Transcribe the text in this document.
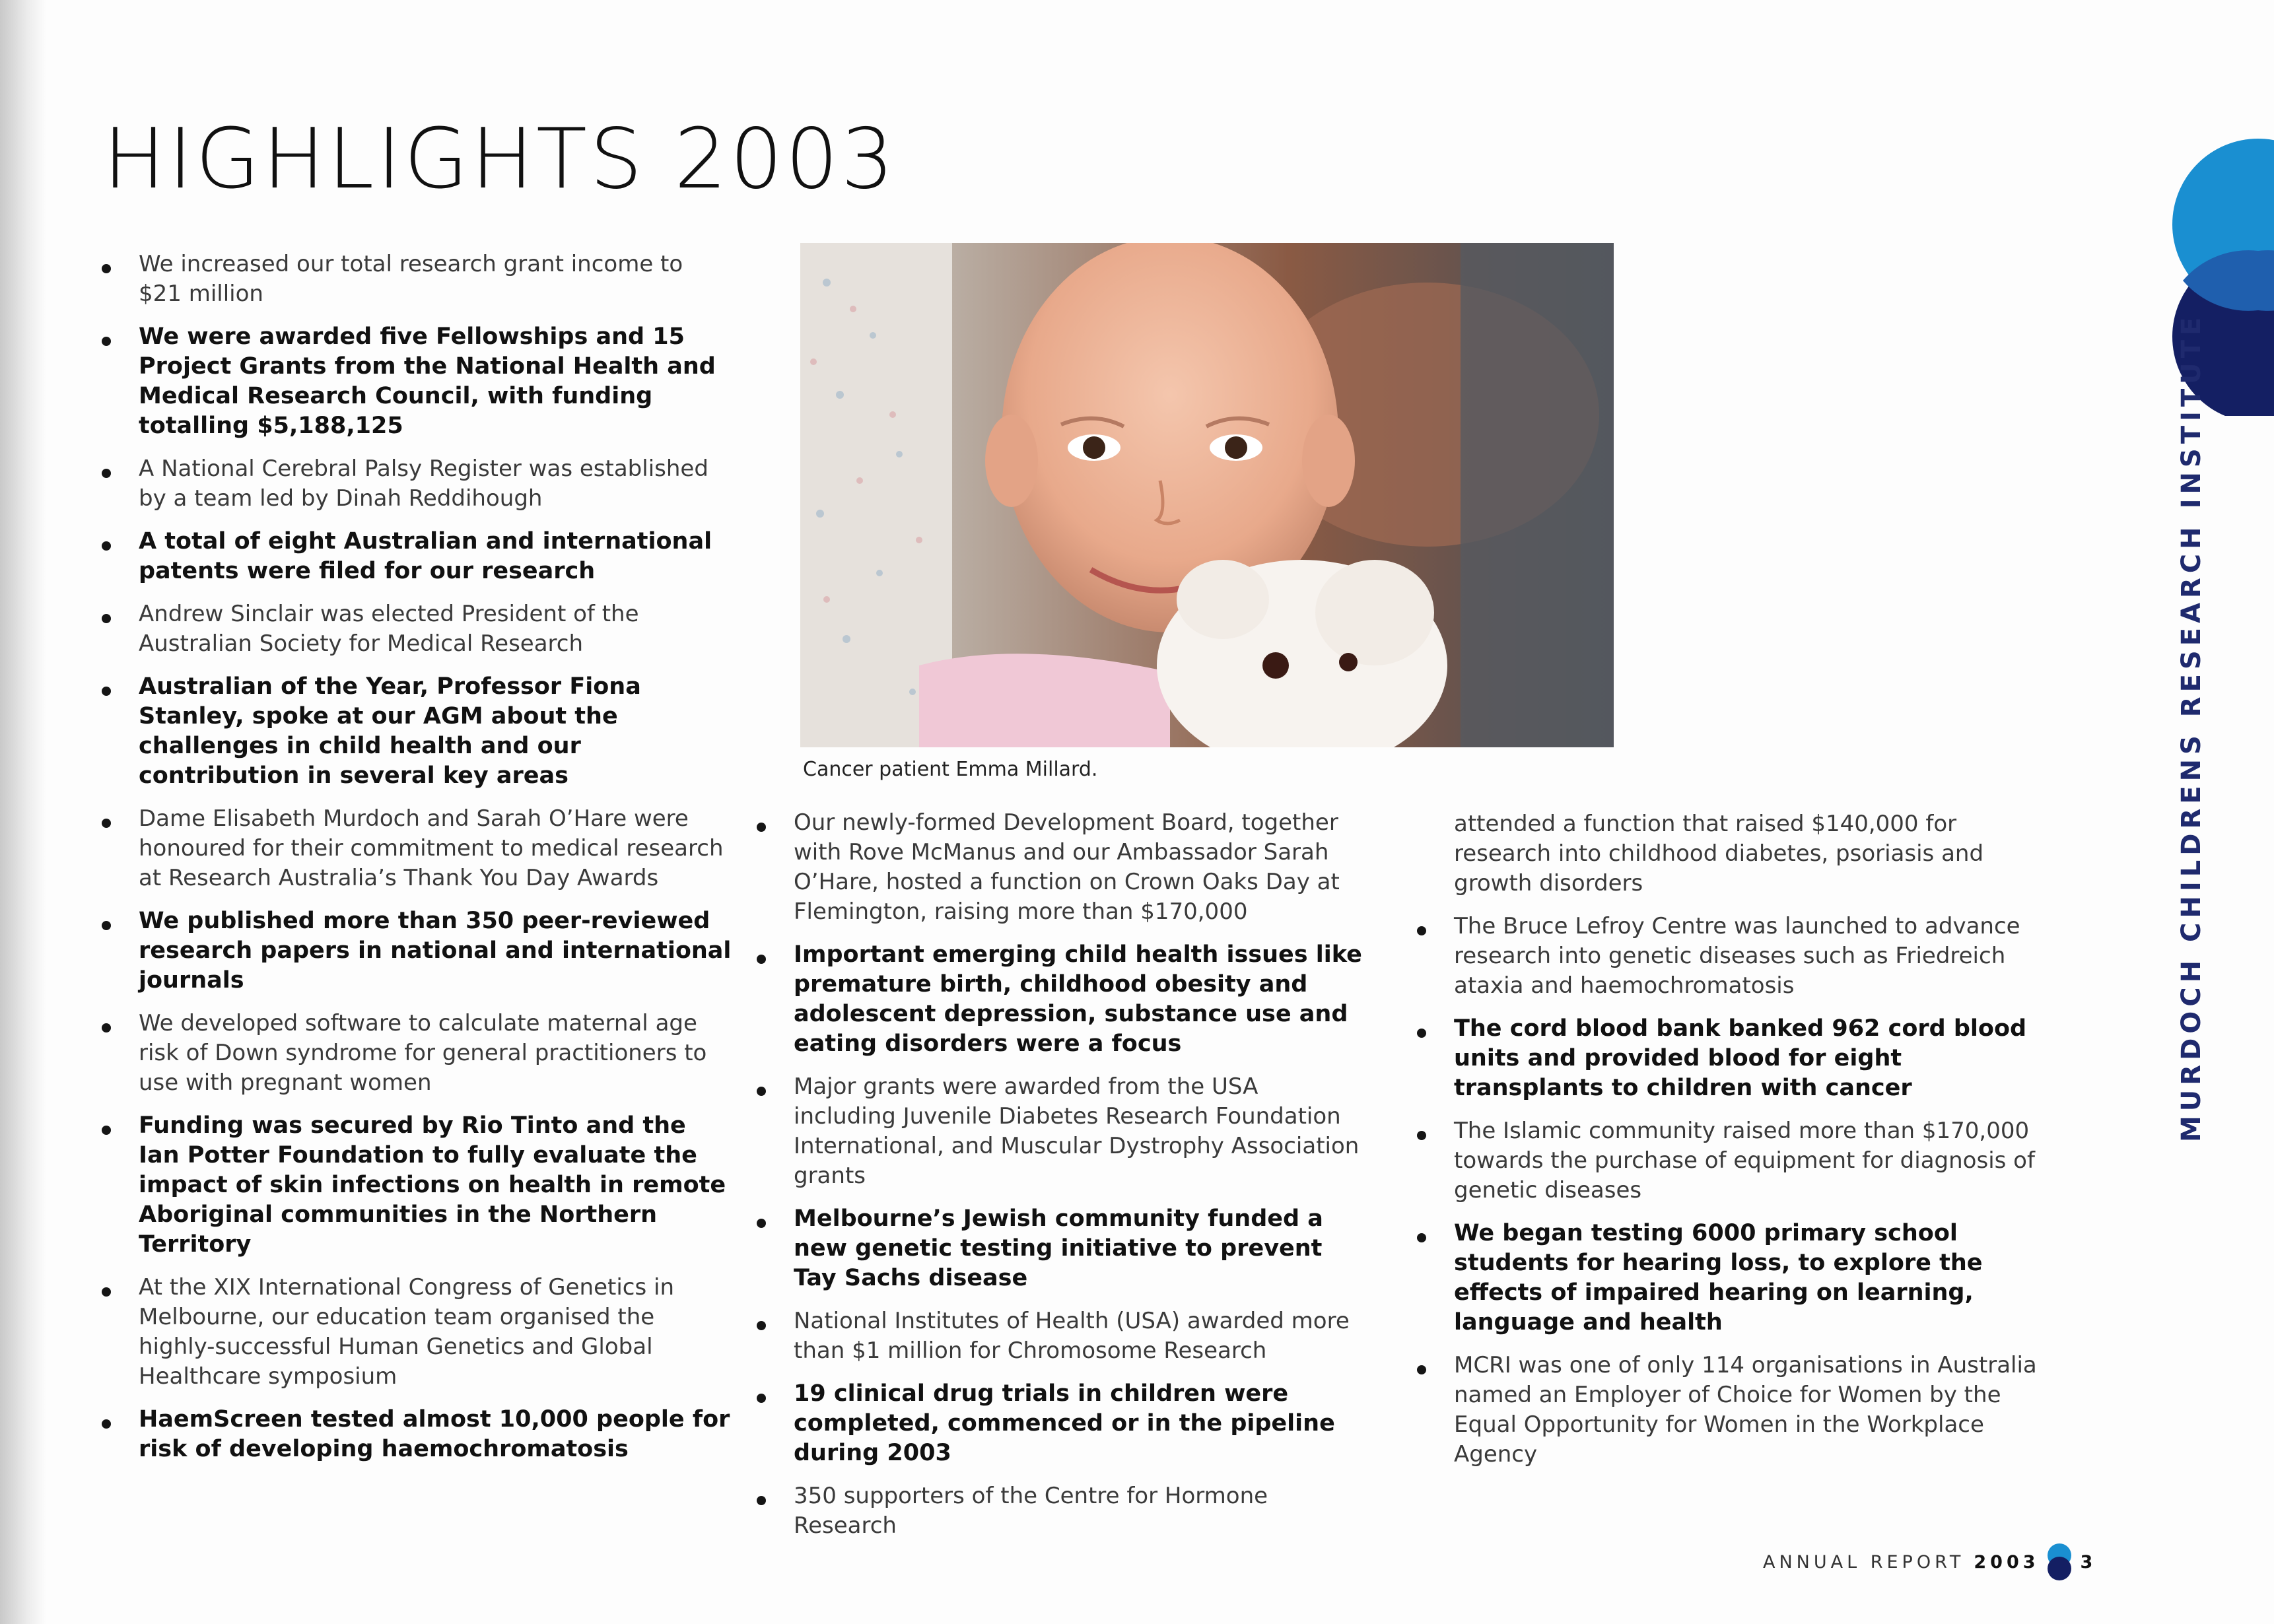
HIGHLIGHTS 2003
We increased our total research grant income to $21 million
We were awarded five Fellowships and 15 Project Grants from the National Health and Medical Research Council, with funding totalling $5,188,125
A National Cerebral Palsy Register was established by a team led by Dinah Reddihough
A total of eight Australian and international patents were filed for our research
Andrew Sinclair was elected President of the Australian Society for Medical Research
Australian of the Year, Professor Fiona Stanley, spoke at our AGM about the challenges in child health and our contribution in several key areas
Dame Elisabeth Murdoch and Sarah O’Hare were honoured for their commitment to medical research at Research Australia’s Thank You Day Awards
We published more than 350 peer-reviewed research papers in national and international journals
We developed software to calculate maternal age risk of Down syndrome for general practitioners to use with pregnant women
Funding was secured by Rio Tinto and the Ian Potter Foundation to fully evaluate the impact of skin infections on health in remote Aboriginal communities in the Northern Territory
At the XIX International Congress of Genetics in Melbourne, our education team organised the highly-successful Human Genetics and Global Healthcare symposium
HaemScreen tested almost 10,000 people for risk of developing haemochromatosis

Cancer patient Emma Millard.

Our newly-formed Development Board, together with Rove McManus and our Ambassador Sarah O’Hare, hosted a function on Crown Oaks Day at Flemington, raising more than $170,000
Important emerging child health issues like premature birth, childhood obesity and adolescent depression, substance use and eating disorders were a focus
Major grants were awarded from the USA including Juvenile Diabetes Research Foundation International, and Muscular Dystrophy Association grants
Melbourne’s Jewish community funded a new genetic testing initiative to prevent Tay Sachs disease
National Institutes of Health (USA) awarded more than $1 million for Chromosome Research
19 clinical drug trials in children were completed, commenced or in the pipeline during 2003
350 supporters of the Centre for Hormone Research
attended a function that raised $140,000 for research into childhood diabetes, psoriasis and growth disorders
The Bruce Lefroy Centre was launched to advance research into genetic diseases such as Friedreich ataxia and haemochromatosis
The cord blood bank banked 962 cord blood units and provided blood for eight transplants to children with cancer
The Islamic community raised more than $170,000 towards the purchase of equipment for diagnosis of genetic diseases
We began testing 6000 primary school students for hearing loss, to explore the effects of impaired hearing on learning, language and health
MCRI was one of only 114 organisations in Australia named an Employer of Choice for Women by the Equal Opportunity for Women in the Workplace Agency
MURDOCH CHILDRENS RESEARCH INSTITUTE
ANNUAL REPORT 2003 3
